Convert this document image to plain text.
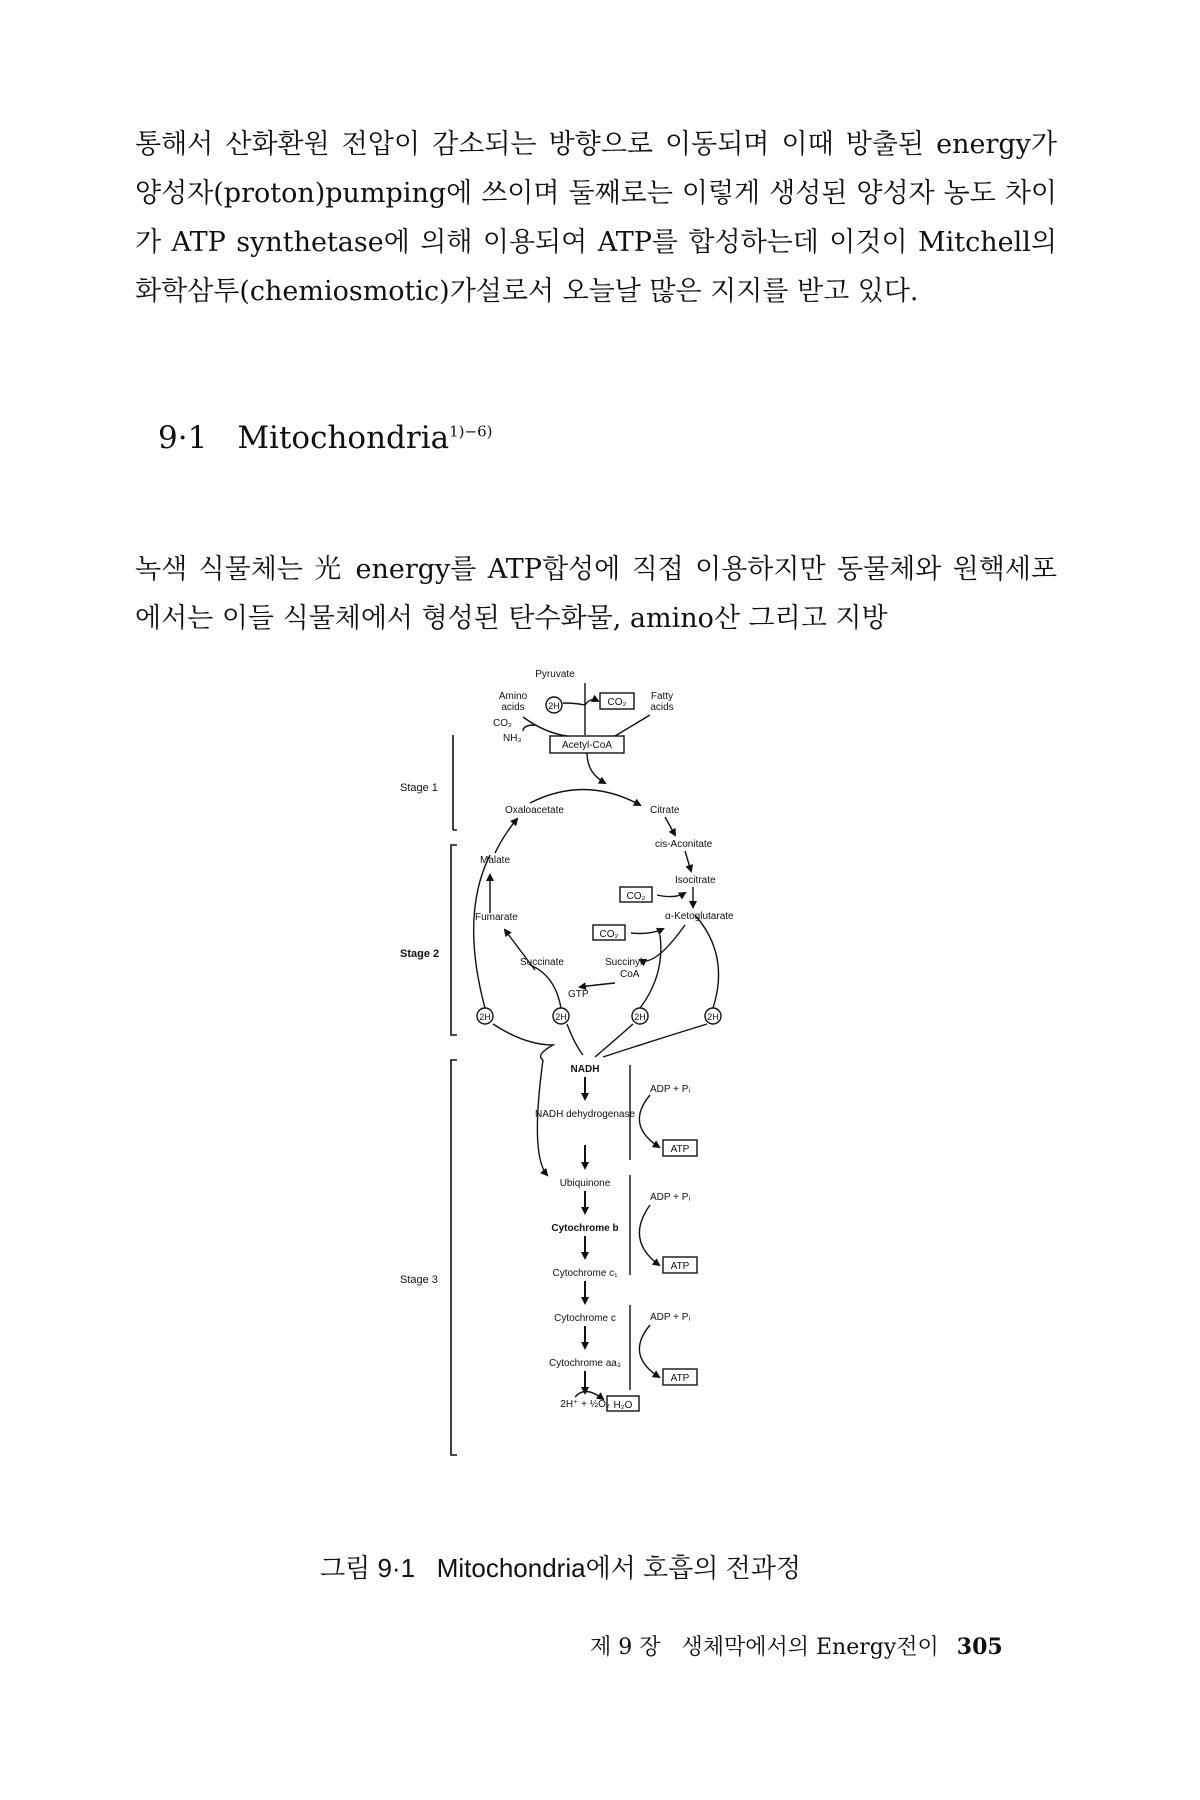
통해서 산화환원 전압이 감소되는 방향으로 이동되며 이때 방출된 energy가 양성자(proton)pumping에 쓰이며 둘째로는 이렇게 생성된 양성자 농도 차이가 ATP synthetase에 의해 이용되여 ATP를 합성하는데 이것이 Mitchell의 화학삼투(chemiosmotic)가설로서 오늘날 많은 지지를 받고 있다.

9·1 Mitochondria$^{1)-6)}$

녹색 식물체는 光 energy를 ATP합성에 직접 이용하지만 동물체와 원핵세포에서는 이들 식물체에서 형성된 탄수화물, amino산 그리고 지방

Stage 1
Stage 2
Stage 3
Pyruvate
Amino
acids
Fatty
acids
2H	CO₂
CO₂
NH₃
Acetyl-CoA
Oxaloacetate	Citrate
cis-Aconitate
Isocitrate
Malate
Fumarate	α-Ketoglutarate
CO₂
CO₂
Succinate	Succinyl-
CoA
GTP
2H	2H	2H	2H
NADH
NADH dehydrogenase
Ubiquinone
Cytochrome b
Cytochrome c₁
Cytochrome c
Cytochrome aa₃
2H⁺ + ½O₂ H₂O
ADP + Pᵢ
ADP + Pᵢ
ADP + Pᵢ
ATP
ATP
ATP
그림 9·1 Mitochondria에서 호흡의 전과정
제 9 장 생체막에서의 Energy전이 305
